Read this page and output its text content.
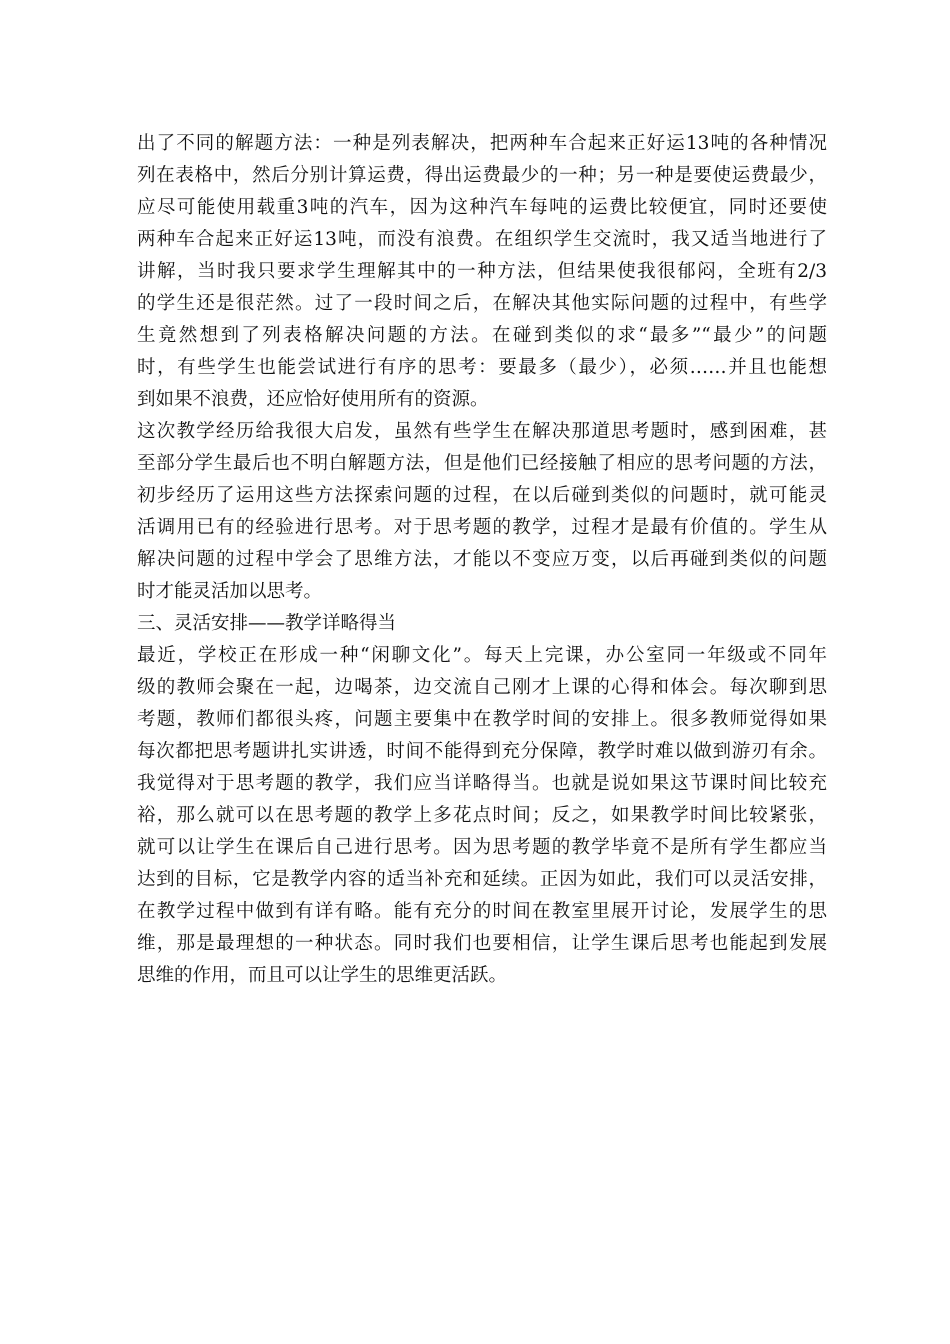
出了不同的解题方法：一种是列表解决，把两种车合起来正好运13吨的各种情况
列在表格中，然后分别计算运费，得出运费最少的一种；另一种是要使运费最少，
应尽可能使用载重3吨的汽车，因为这种汽车每吨的运费比较便宜，同时还要使
两种车合起来正好运13吨，而没有浪费。在组织学生交流时，我又适当地进行了
讲解，当时我只要求学生理解其中的一种方法，但结果使我很郁闷，全班有2/3
的学生还是很茫然。过了一段时间之后，在解决其他实际问题的过程中，有些学
生竟然想到了列表格解决问题的方法。在碰到类似的求“最多”“最少”的问题
时，有些学生也能尝试进行有序的思考：要最多（最少），必须……并且也能想
到如果不浪费，还应恰好使用所有的资源。
这次教学经历给我很大启发，虽然有些学生在解决那道思考题时，感到困难，甚
至部分学生最后也不明白解题方法，但是他们已经接触了相应的思考问题的方法，
初步经历了运用这些方法探索问题的过程，在以后碰到类似的问题时，就可能灵
活调用已有的经验进行思考。对于思考题的教学，过程才是最有价值的。学生从
解决问题的过程中学会了思维方法，才能以不变应万变，以后再碰到类似的问题
时才能灵活加以思考。
三、灵活安排——教学详略得当
最近，学校正在形成一种“闲聊文化”。每天上完课，办公室同一年级或不同年
级的教师会聚在一起，边喝茶，边交流自己刚才上课的心得和体会。每次聊到思
考题，教师们都很头疼，问题主要集中在教学时间的安排上。很多教师觉得如果
每次都把思考题讲扎实讲透，时间不能得到充分保障，教学时难以做到游刃有余。
我觉得对于思考题的教学，我们应当详略得当。也就是说如果这节课时间比较充
裕，那么就可以在思考题的教学上多花点时间；反之，如果教学时间比较紧张，
就可以让学生在课后自己进行思考。因为思考题的教学毕竟不是所有学生都应当
达到的目标，它是教学内容的适当补充和延续。正因为如此，我们可以灵活安排，
在教学过程中做到有详有略。能有充分的时间在教室里展开讨论，发展学生的思
维，那是最理想的一种状态。同时我们也要相信，让学生课后思考也能起到发展
思维的作用，而且可以让学生的思维更活跃。
